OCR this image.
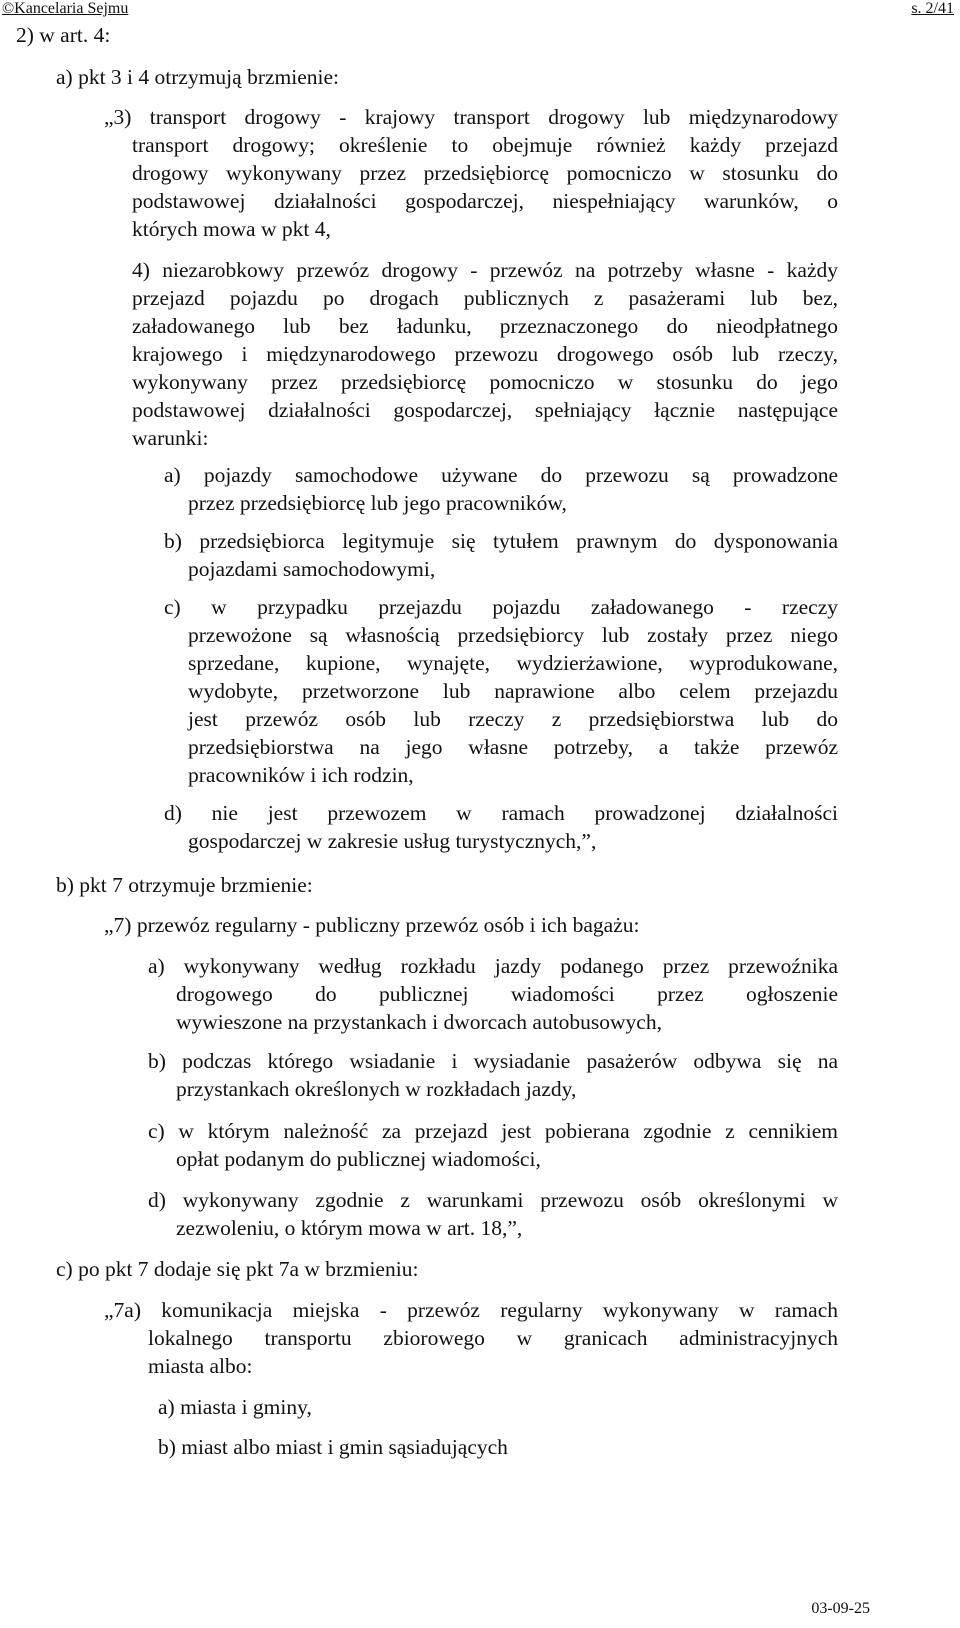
©Kancelaria Sejmu	s. 2/41
2) w art. 4:
a) pkt 3 i 4 otrzymują brzmienie:
„3) transport drogowy - krajowy transport drogowy lub międzynarodowy
transport drogowy; określenie to obejmuje również każdy przejazd
drogowy wykonywany przez przedsiębiorcę pomocniczo w stosunku do
podstawowej działalności gospodarczej, niespełniający warunków, o
których mowa w pkt 4,
4) niezarobkowy przewóz drogowy - przewóz na potrzeby własne - każdy
przejazd pojazdu po drogach publicznych z pasażerami lub bez,
załadowanego lub bez ładunku, przeznaczonego do nieodpłatnego
krajowego i międzynarodowego przewozu drogowego osób lub rzeczy,
wykonywany przez przedsiębiorcę pomocniczo w stosunku do jego
podstawowej działalności gospodarczej, spełniający łącznie następujące
warunki:
a) pojazdy samochodowe używane do przewozu są prowadzone
przez przedsiębiorcę lub jego pracowników,
b) przedsiębiorca legitymuje się tytułem prawnym do dysponowania
pojazdami samochodowymi,
c) w przypadku przejazdu pojazdu załadowanego - rzeczy
przewożone są własnością przedsiębiorcy lub zostały przez niego
sprzedane, kupione, wynajęte, wydzierżawione, wyprodukowane,
wydobyte, przetworzone lub naprawione albo celem przejazdu
jest przewóz osób lub rzeczy z przedsiębiorstwa lub do
przedsiębiorstwa na jego własne potrzeby, a także przewóz
pracowników i ich rodzin,
d) nie jest przewozem w ramach prowadzonej działalności
gospodarczej w zakresie usług turystycznych,”,
b) pkt 7 otrzymuje brzmienie:
„7) przewóz regularny - publiczny przewóz osób i ich bagażu:
a) wykonywany według rozkładu jazdy podanego przez przewoźnika
drogowego do publicznej wiadomości przez ogłoszenie
wywieszone na przystankach i dworcach autobusowych,
b) podczas którego wsiadanie i wysiadanie pasażerów odbywa się na
przystankach określonych w rozkładach jazdy,
c) w którym należność za przejazd jest pobierana zgodnie z cennikiem
opłat podanym do publicznej wiadomości,
d) wykonywany zgodnie z warunkami przewozu osób określonymi w
zezwoleniu, o którym mowa w art. 18,”,
c) po pkt 7 dodaje się pkt 7a w brzmieniu:
„7a) komunikacja miejska - przewóz regularny wykonywany w ramach
lokalnego transportu zbiorowego w granicach administracyjnych
miasta albo:
a) miasta i gminy,
b) miast albo miast i gmin sąsiadujących
03-09-25
